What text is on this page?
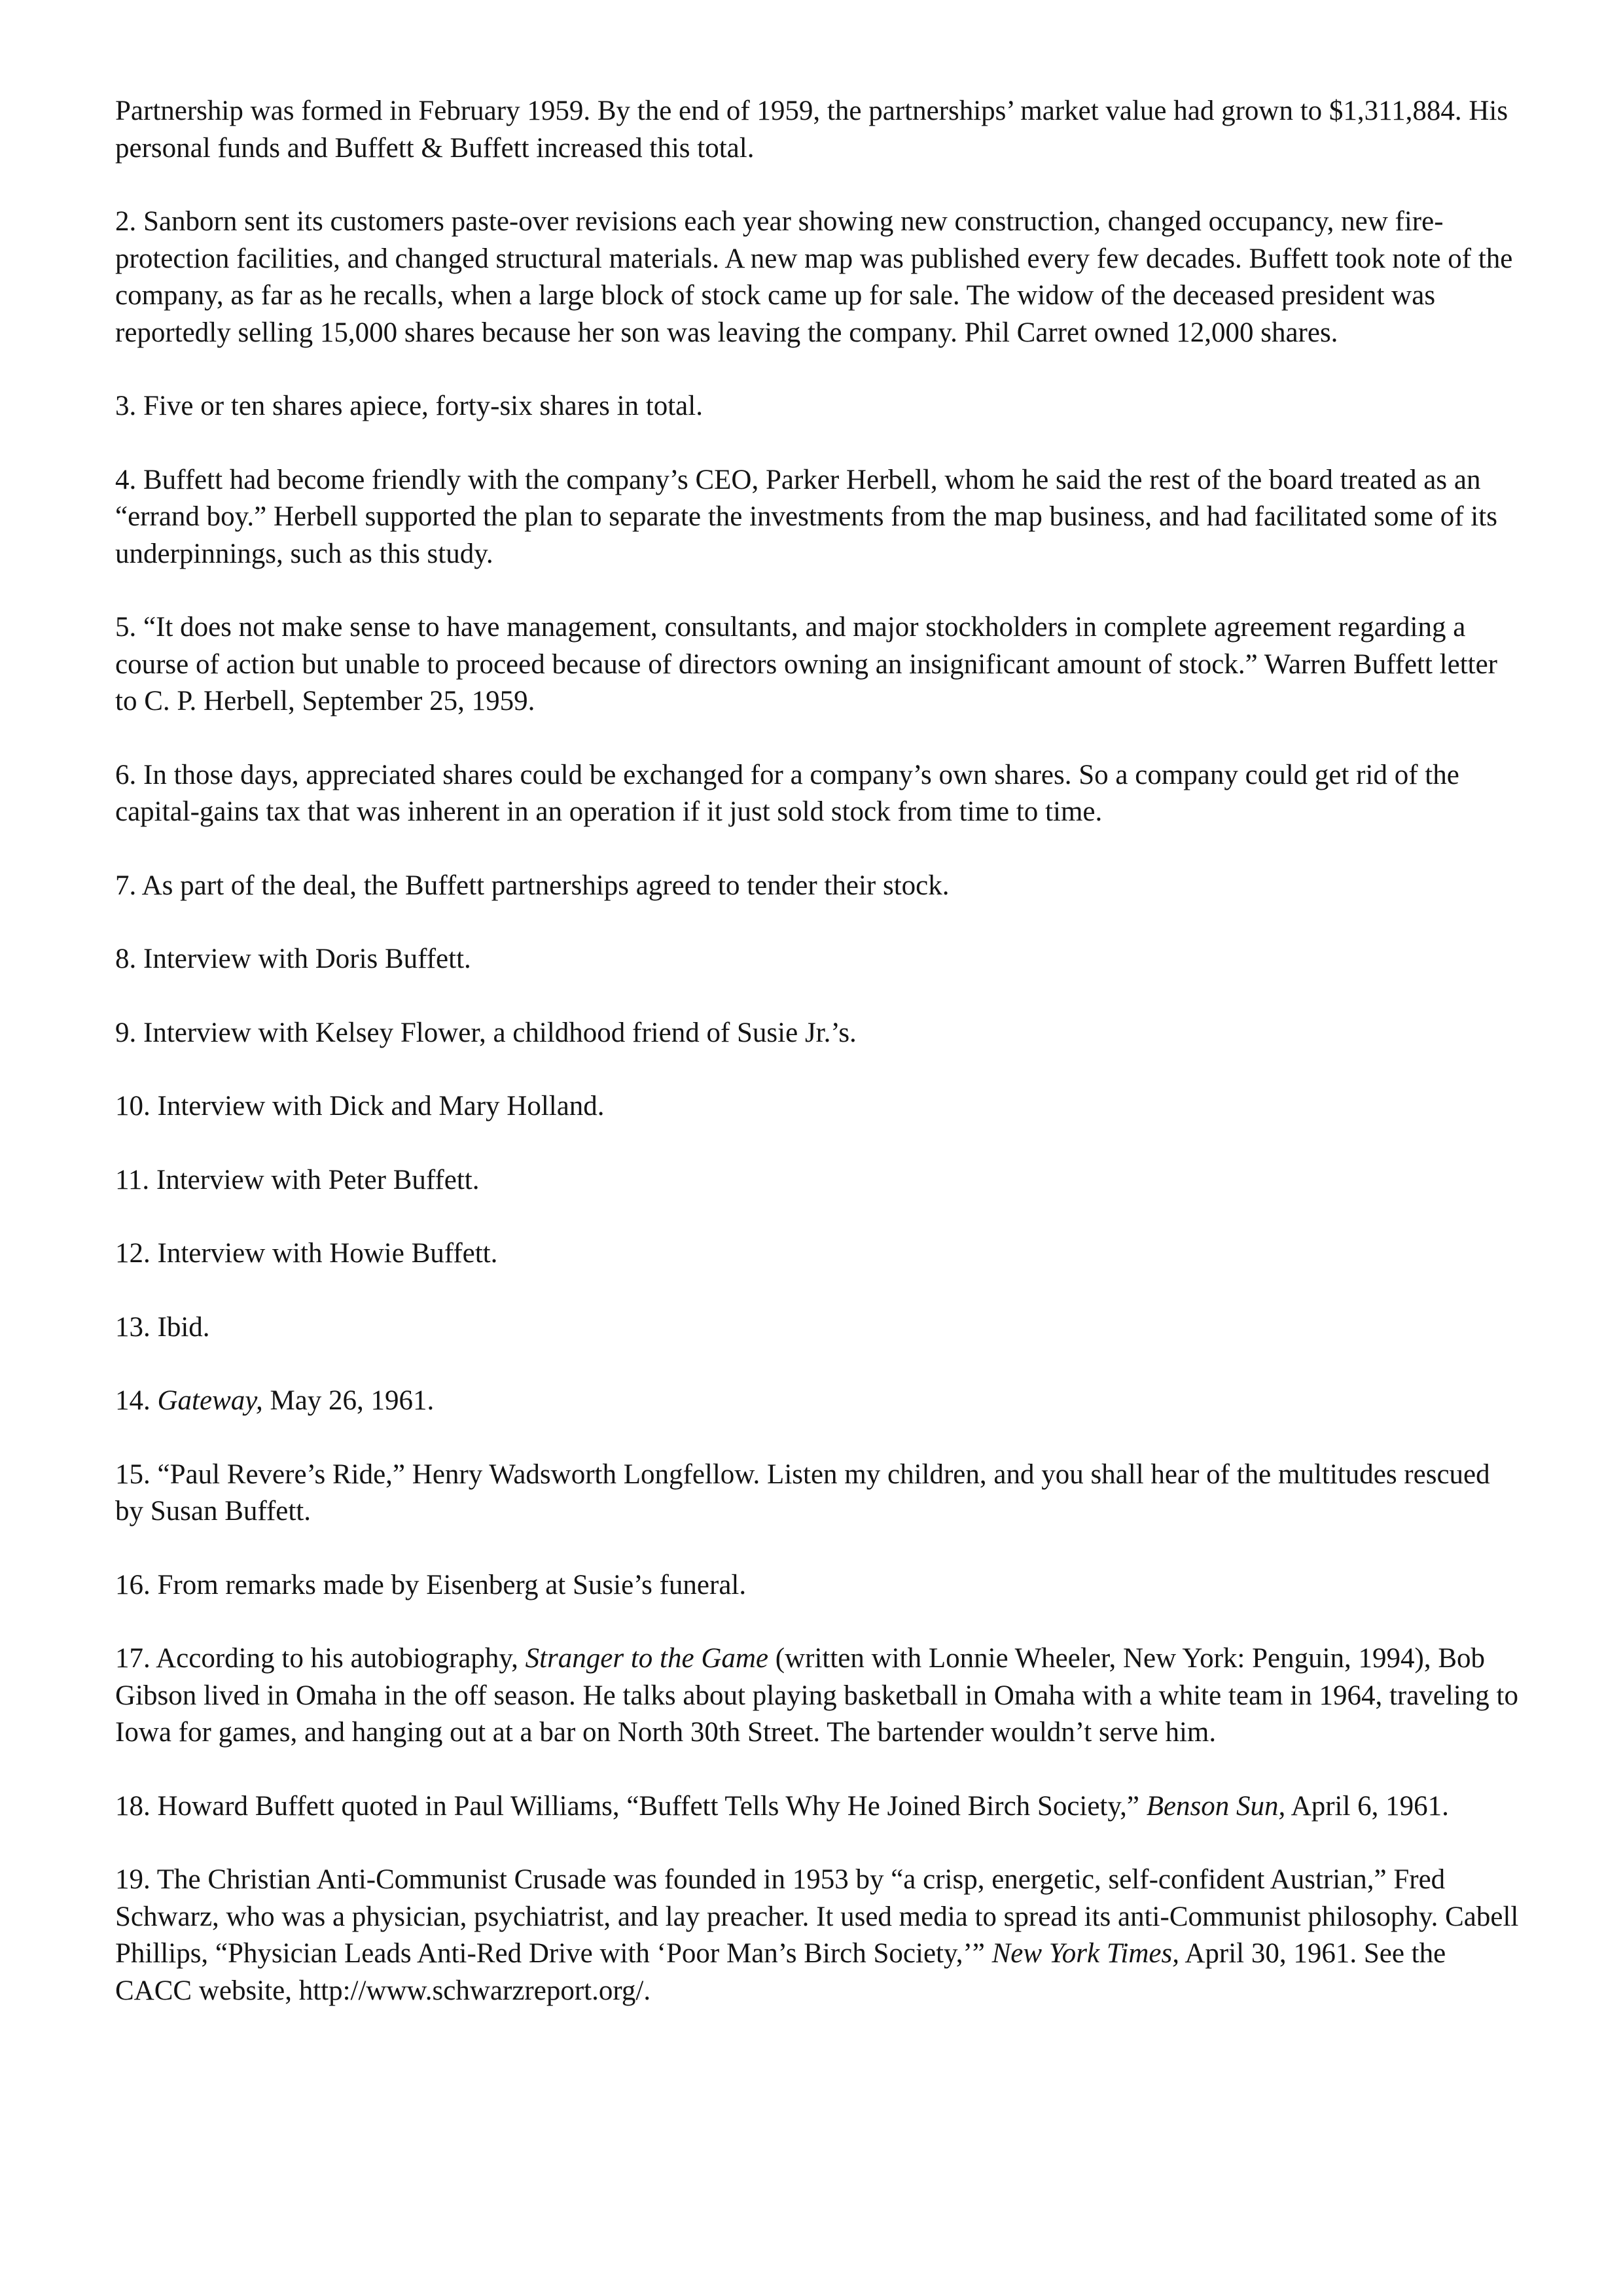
Partnership was formed in February 1959. By the end of 1959, the partnerships’ market value had grown to $1,311,884. His personal funds and Buffett & Buffett increased this total.

2. Sanborn sent its customers paste-over revisions each year showing new construction, changed occupancy, new fire-protection facilities, and changed structural materials. A new map was published every few decades. Buffett took note of the company, as far as he recalls, when a large block of stock came up for sale. The widow of the deceased president was reportedly selling 15,000 shares because her son was leaving the company. Phil Carret owned 12,000 shares.

3. Five or ten shares apiece, forty-six shares in total.

4. Buffett had become friendly with the company’s CEO, Parker Herbell, whom he said the rest of the board treated as an “errand boy.” Herbell supported the plan to separate the investments from the map business, and had facilitated some of its underpinnings, such as this study.

5. “It does not make sense to have management, consultants, and major stockholders in complete agreement regarding a course of action but unable to proceed because of directors owning an insignificant amount of stock.” Warren Buffett letter to C. P. Herbell, September 25, 1959.

6. In those days, appreciated shares could be exchanged for a company’s own shares. So a company could get rid of the capital-gains tax that was inherent in an operation if it just sold stock from time to time.

7. As part of the deal, the Buffett partnerships agreed to tender their stock.

8. Interview with Doris Buffett.

9. Interview with Kelsey Flower, a childhood friend of Susie Jr.’s.

10. Interview with Dick and Mary Holland.

11. Interview with Peter Buffett.

12. Interview with Howie Buffett.

13. Ibid.

14. Gateway, May 26, 1961.

15. “Paul Revere’s Ride,” Henry Wadsworth Longfellow. Listen my children, and you shall hear of the multitudes rescued by Susan Buffett.

16. From remarks made by Eisenberg at Susie’s funeral.

17. According to his autobiography, Stranger to the Game (written with Lonnie Wheeler, New York: Penguin, 1994), Bob Gibson lived in Omaha in the off season. He talks about playing basketball in Omaha with a white team in 1964, traveling to Iowa for games, and hanging out at a bar on North 30th Street. The bartender wouldn’t serve him.

18. Howard Buffett quoted in Paul Williams, “Buffett Tells Why He Joined Birch Society,” Benson Sun, April 6, 1961.

19. The Christian Anti-Communist Crusade was founded in 1953 by “a crisp, energetic, self-confident Austrian,” Fred Schwarz, who was a physician, psychiatrist, and lay preacher. It used media to spread its anti-Communist philosophy. Cabell Phillips, “Physician Leads Anti-Red Drive with ‘Poor Man’s Birch Society,’” New York Times, April 30, 1961. See the CACC website, http://www.schwarzreport.org/.
